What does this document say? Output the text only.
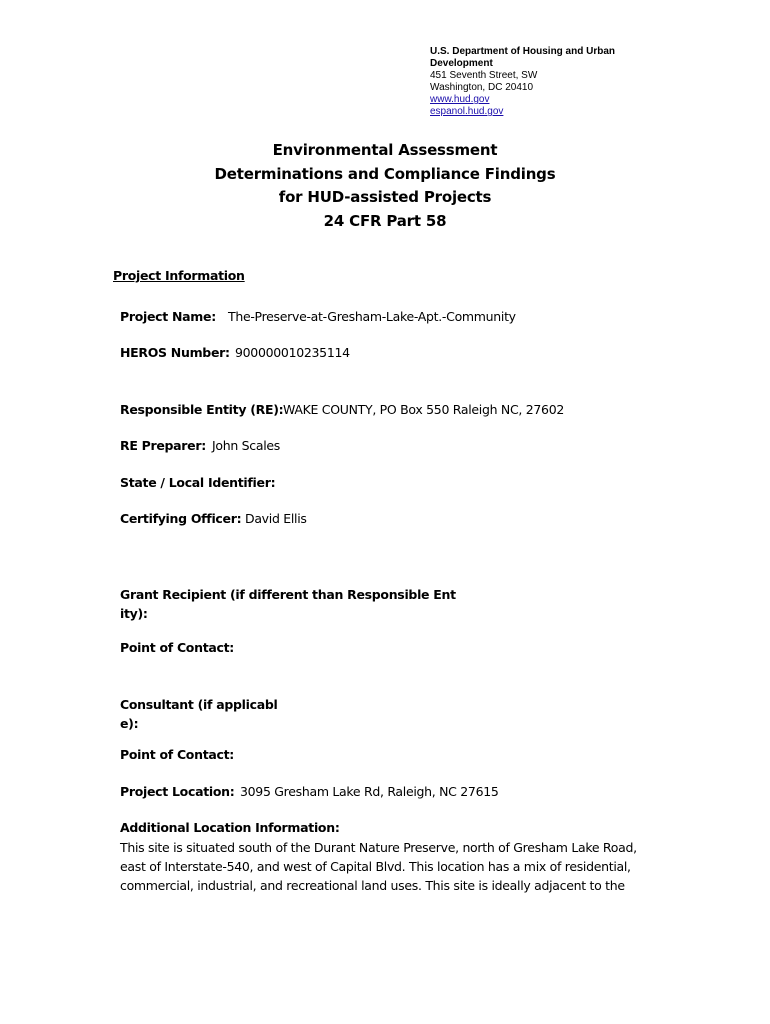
U.S. Department of Housing and Urban
Development
451 Seventh Street, SW
Washington, DC 20410
www.hud.gov
espanol.hud.gov
Environmental Assessment
Determinations and Compliance Findings
for HUD-assisted Projects
24 CFR Part 58
Project Information
Project Name: The-Preserve-at-Gresham-Lake-Apt.-Community
HEROS Number: 900000010235114
Responsible Entity (RE): WAKE COUNTY, PO Box 550 Raleigh NC, 27602
RE Preparer: John Scales
State / Local Identifier:
Certifying Officer: David Ellis
Grant Recipient (if different than Responsible Ent
ity):
Point of Contact:
Consultant (if applicabl
e):
Point of Contact:
Project Location: 3095 Gresham Lake Rd, Raleigh, NC 27615
Additional Location Information:
This site is situated south of the Durant Nature Preserve, north of Gresham Lake Road, east of Interstate-540, and west of Capital Blvd. This location has a mix of residential, commercial, industrial, and recreational land uses. This site is ideally adjacent to the
